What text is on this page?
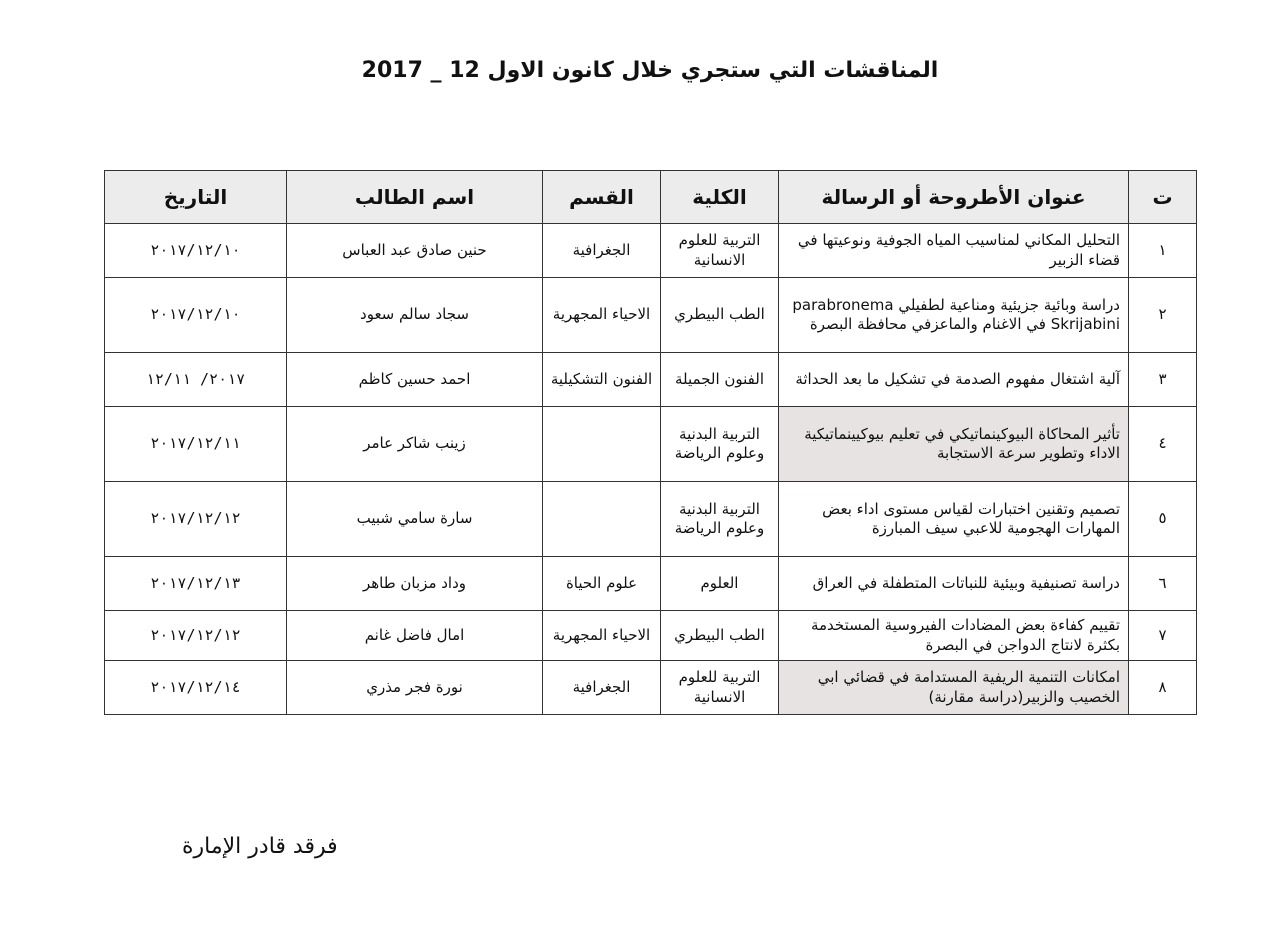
المناقشات التي ستجري خلال كانون الاول 12 _ 2017
ت	عنوان الأطروحة أو الرسالة	الكلية	القسم	اسم الطالب	التاريخ
١	التحليل المكاني لمناسيب المياه الجوفية ونوعيتها في قضاء الزبير	التربية للعلوم الانسانية	الجغرافية	حنين صادق عبد العباس	٢٠١٧/١٢/١٠
٢	دراسة وبائية جزيئية ومناعية لطفيلي parabronema Skrijabini في الاغنام والماعزفي محافظة البصرة	الطب البيطري	الاحياء المجهرية	سجاد سالم سعود	٢٠١٧/١٢/١٠
٣	آلية اشتغال مفهوم الصدمة في تشكيل ما بعد الحداثة	الفنون الجميلة	الفنون التشكيلية	احمد حسين كاظم	٢٠١٧/ ١٢/١١
٤	تأثير المحاكاة البيوكينماتيكي في تعليم بيوكيينماتيكية الاداء وتطوير سرعة الاستجابة	التربية البدنية وعلوم الرياضة		زينب شاكر عامر	٢٠١٧/١٢/١١
٥	تصميم وتقنين اختبارات لقياس مستوى اداء بعض المهارات الهجومية للاعبي سيف المبارزة	التربية البدنية وعلوم الرياضة		سارة سامي شبيب	٢٠١٧/١٢/١٢
٦	دراسة تصنيفية وبيئية للنباتات المتطفلة في العراق	العلوم	علوم الحياة	وداد مزبان طاهر	٢٠١٧/١٢/١٣
٧	تقييم كفاءة بعض المضادات الفيروسية المستخدمة بكثرة لانتاج الدواجن في البصرة	الطب البيطري	الاحياء المجهرية	امال فاضل غانم	٢٠١٧/١٢/١٢
٨	امكانات التنمية الريفية المستدامة في قضائي ابي الخصيب والزبير(دراسة مقارنة)	التربية للعلوم الانسانية	الجغرافية	نورة فجر مذري	٢٠١٧/١٢/١٤
فرقد قادر الإمارة
